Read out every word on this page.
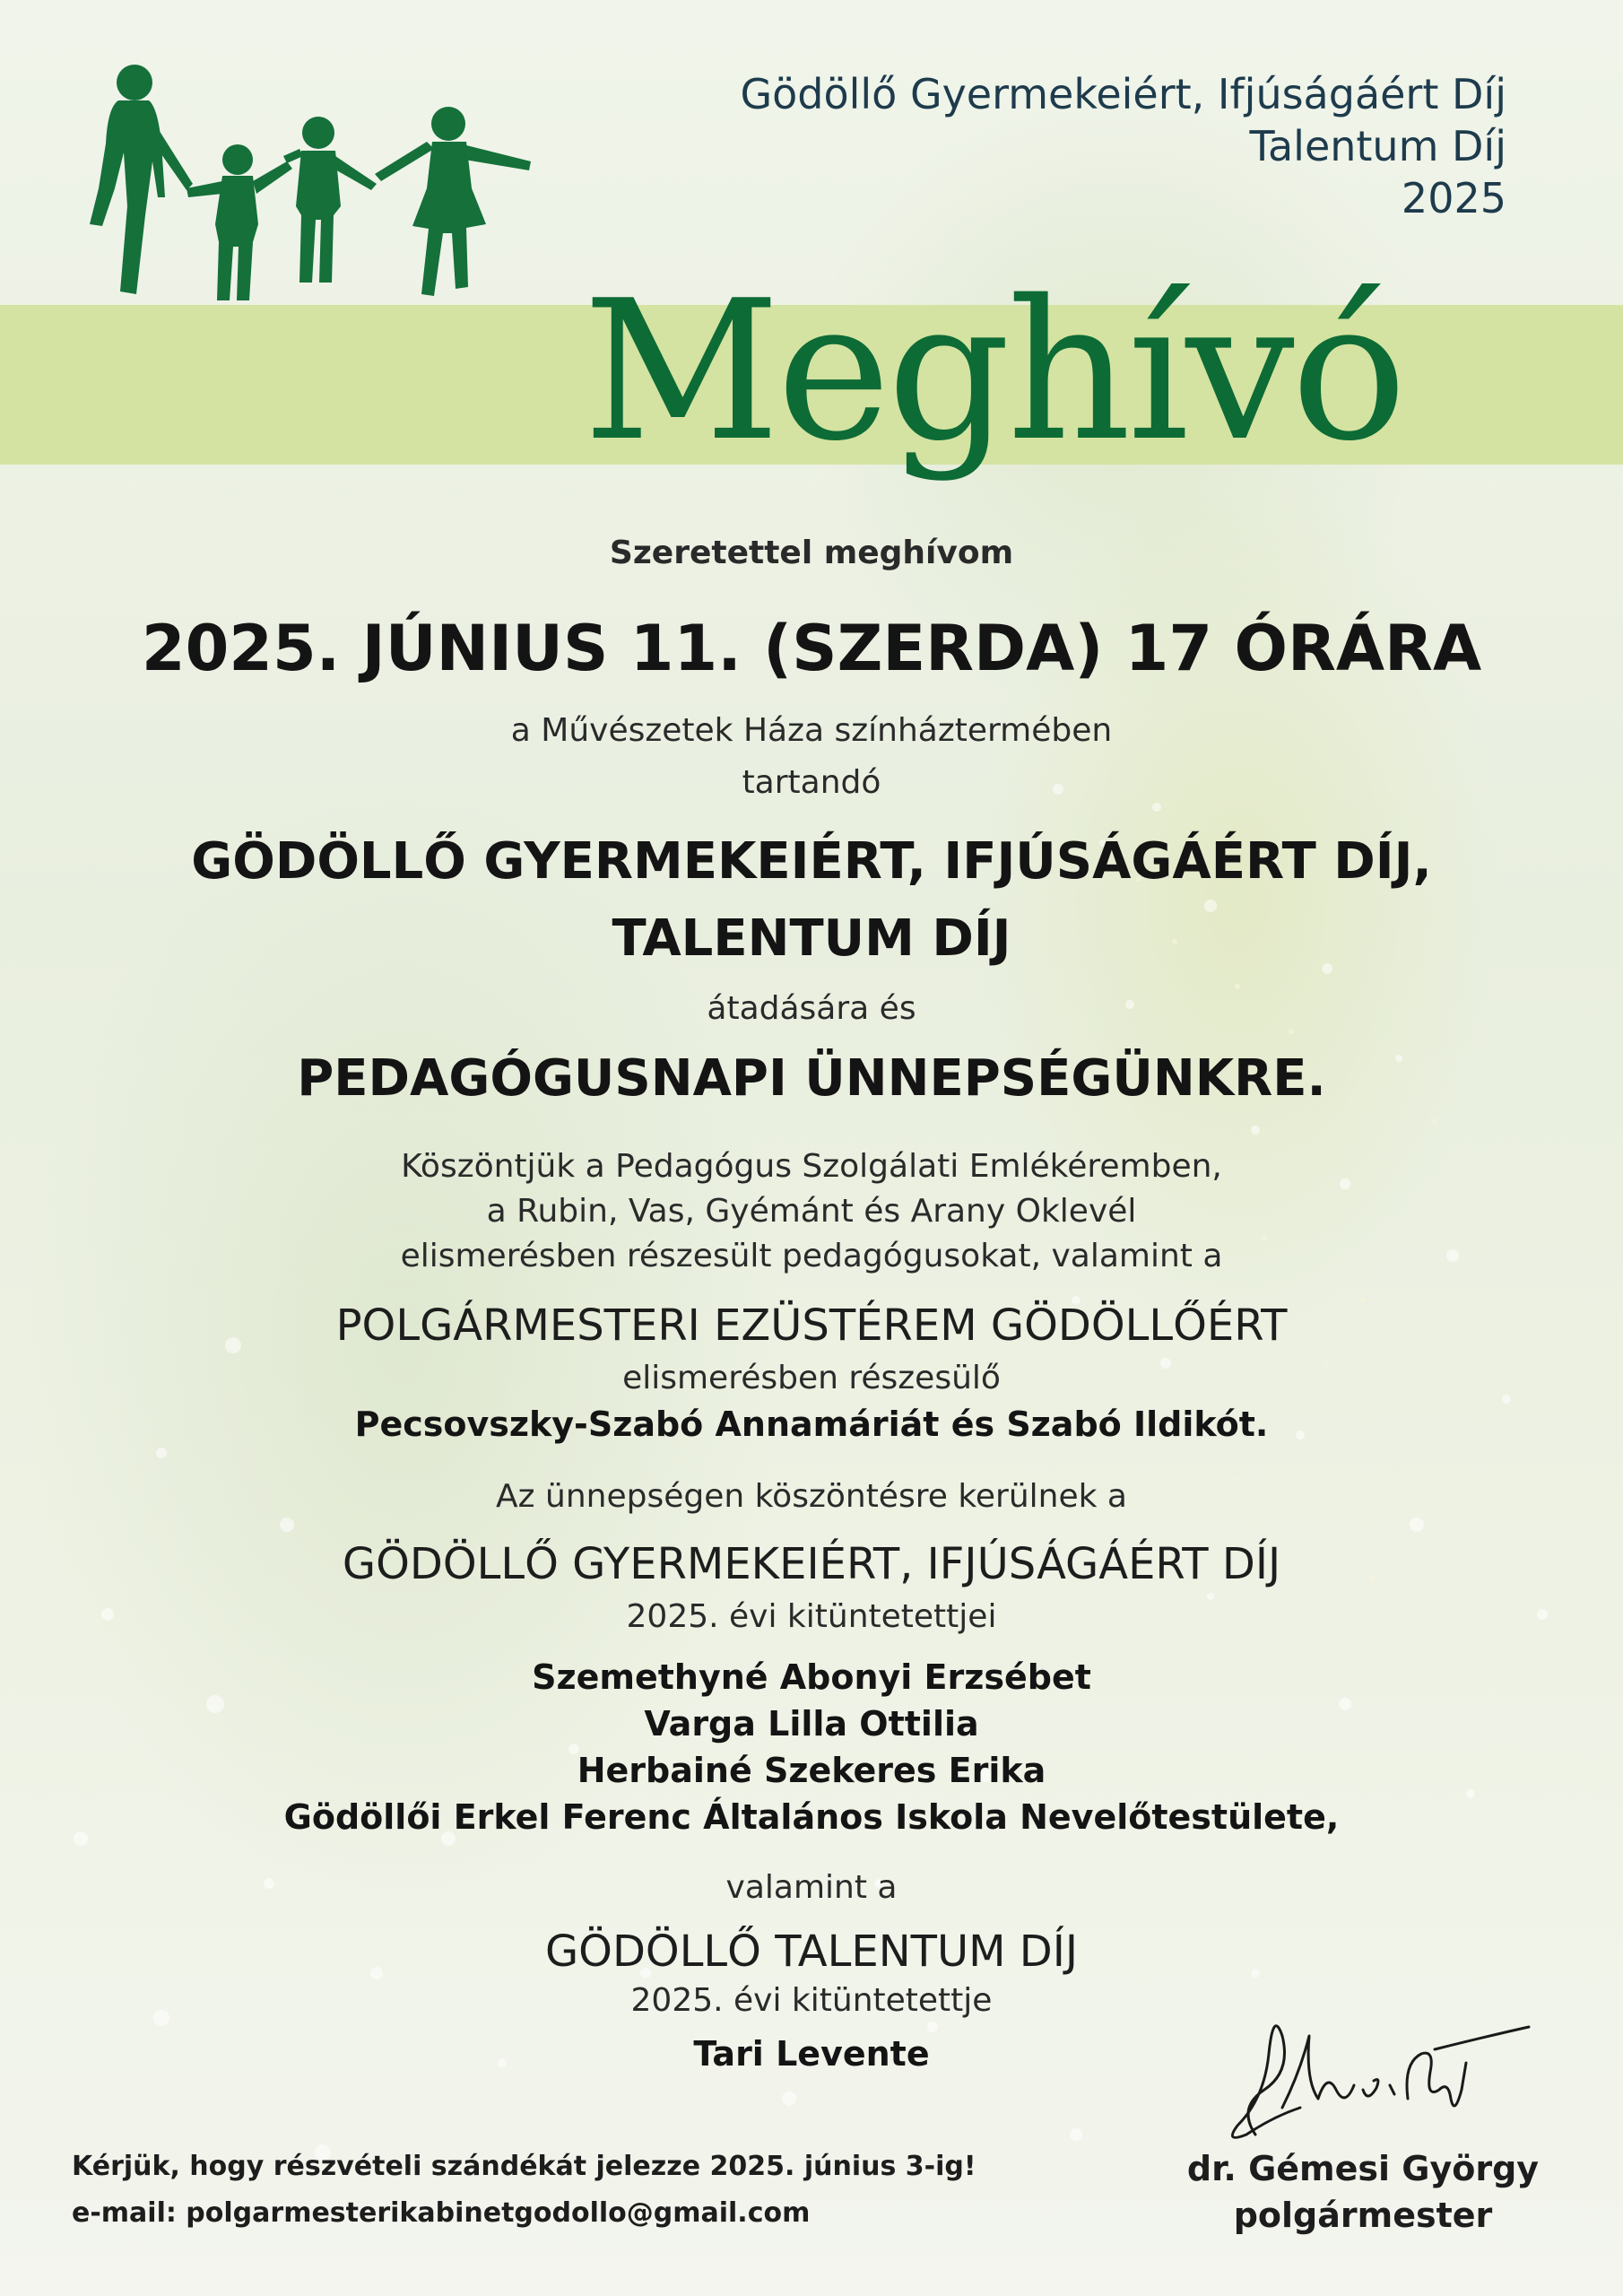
Gödöllő Gyermekeiért, Ifjúságáért Díj
Talentum Díj
2025
Meghívó
Szeretettel meghívom
2025. JÚNIUS 11. (SZERDA) 17 ÓRÁRA
a Művészetek Háza színháztermében
tartandó
GÖDÖLLŐ GYERMEKEIÉRT, IFJÚSÁGÁÉRT DÍJ,
TALENTUM DÍJ
átadására és
PEDAGÓGUSNAPI ÜNNEPSÉGÜNKRE.
Köszöntjük a Pedagógus Szolgálati Emlékéremben,
a Rubin, Vas, Gyémánt és Arany Oklevél
elismerésben részesült pedagógusokat, valamint a
POLGÁRMESTERI EZÜSTÉREM GÖDÖLLŐÉRT
elismerésben részesülő
Pecsovszky-Szabó Annamáriát és Szabó Ildikót.
Az ünnepségen köszöntésre kerülnek a
GÖDÖLLŐ GYERMEKEIÉRT, IFJÚSÁGÁÉRT DÍJ
2025. évi kitüntetettjei
Szemethyné Abonyi Erzsébet
Varga Lilla Ottilia
Herbainé Szekeres Erika
Gödöllői Erkel Ferenc Általános Iskola Nevelőtestülete,
valamint a
GÖDÖLLŐ TALENTUM DÍJ
2025. évi kitüntetettje
Tari Levente
Kérjük, hogy részvételi szándékát jelezze 2025. június 3-ig!
e-mail: polgarmesterikabinetgodollo@gmail.com
dr. Gémesi György
polgármester
